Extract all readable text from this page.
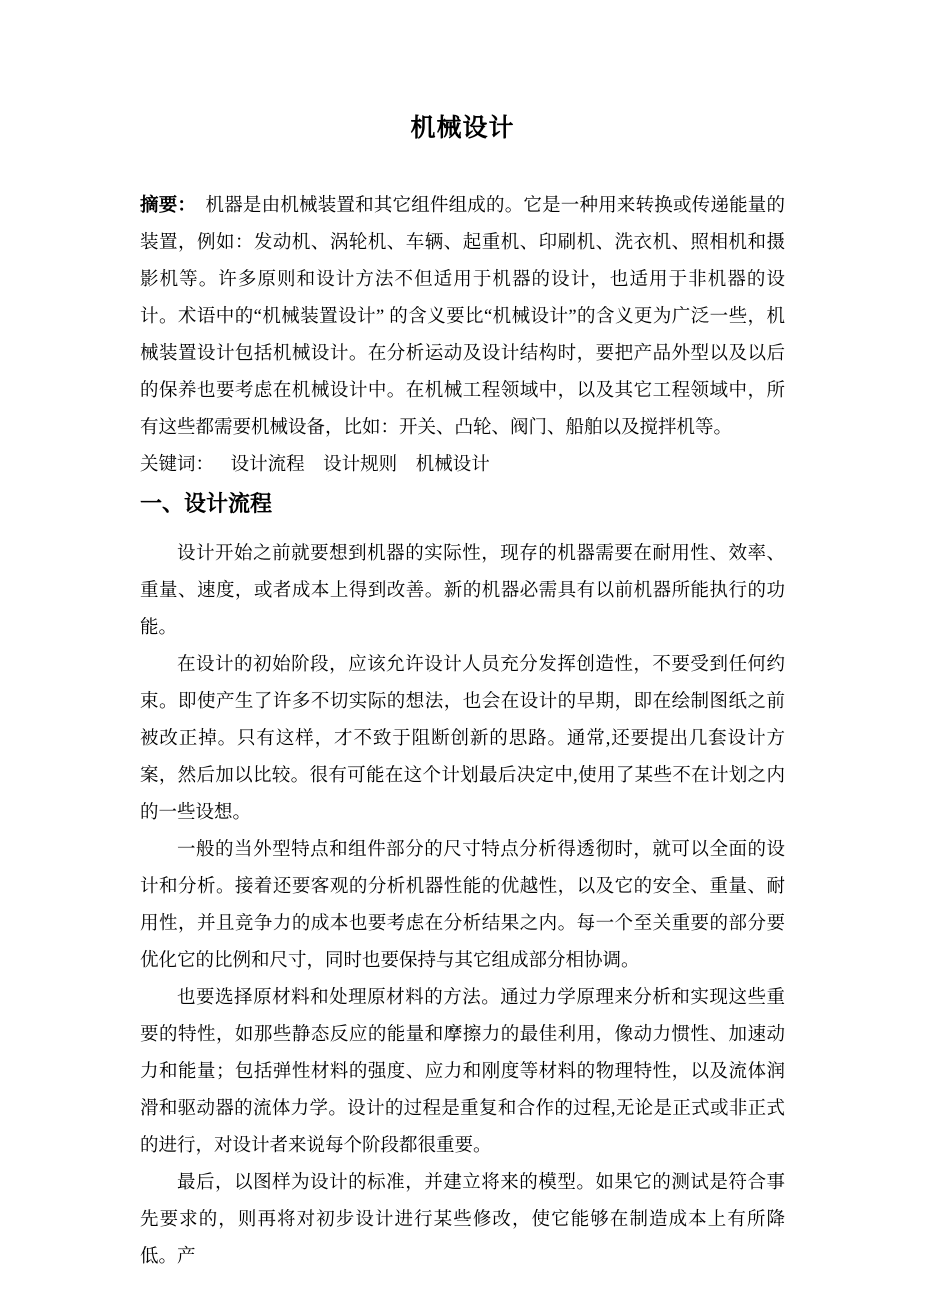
机械设计

摘要：　机器是由机械装置和其它组件组成的。它是一种用来转换或传递能量的装置，例如：发动机、涡轮机、车辆、起重机、印刷机、洗衣机、照相机和摄影机等。许多原则和设计方法不但适用于机器的设计，也适用于非机器的设计。术语中的“机械装置设计” 的含义要比“机械设计”的含义更为广泛一些，机械装置设计包括机械设计。在分析运动及设计结构时，要把产品外型以及以后的保养也要考虑在机械设计中。在机械工程领域中，以及其它工程领域中，所有这些都需要机械设备，比如：开关、凸轮、阀门、船舶以及搅拌机等。

关键词： 设计流程 设计规则 机械设计

一、设计流程

设计开始之前就要想到机器的实际性，现存的机器需要在耐用性、效率、重量、速度，或者成本上得到改善。新的机器必需具有以前机器所能执行的功能。

在设计的初始阶段，应该允许设计人员充分发挥创造性，不要受到任何约束。即使产生了许多不切实际的想法，也会在设计的早期，即在绘制图纸之前被改正掉。只有这样，才不致于阻断创新的思路。通常,还要提出几套设计方案，然后加以比较。很有可能在这个计划最后决定中,使用了某些不在计划之内的一些设想。

一般的当外型特点和组件部分的尺寸特点分析得透彻时，就可以全面的设计和分析。接着还要客观的分析机器性能的优越性，以及它的安全、重量、耐用性，并且竞争力的成本也要考虑在分析结果之内。每一个至关重要的部分要优化它的比例和尺寸，同时也要保持与其它组成部分相协调。

也要选择原材料和处理原材料的方法。通过力学原理来分析和实现这些重要的特性，如那些静态反应的能量和摩擦力的最佳利用，像动力惯性、加速动力和能量；包括弹性材料的强度、应力和刚度等材料的物理特性，以及流体润滑和驱动器的流体力学。设计的过程是重复和合作的过程,无论是正式或非正式的进行，对设计者来说每个阶段都很重要。

最后，以图样为设计的标准，并建立将来的模型。如果它的测试是符合事先要求的，则再将对初步设计进行某些修改，使它能够在制造成本上有所降低。产
